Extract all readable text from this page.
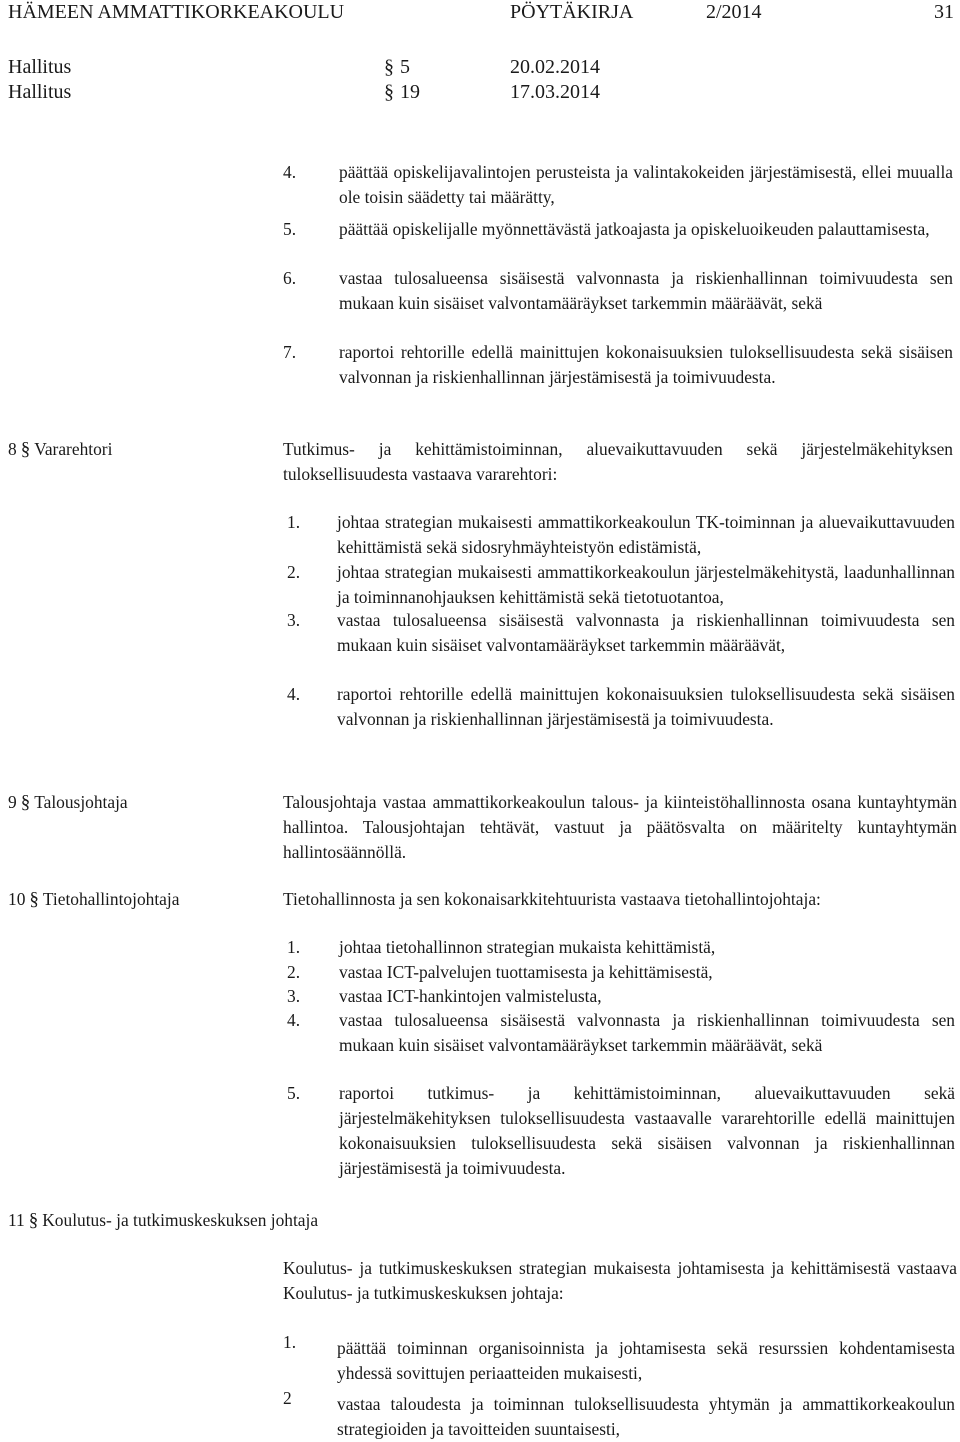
HÄMEEN AMMATTIKORKEAKOULU	PÖYTÄKIRJA	2/2014	31
Hallitus	§ 5	20.02.2014
Hallitus	§ 19	17.03.2014
4. päättää opiskelijavalintojen perusteista ja valintakokeiden järjestämisestä, ellei muualla ole toisin säädetty tai määrätty,
5. päättää opiskelijalle myönnettävästä jatkoajasta ja opiskeluoikeuden palauttamisesta,
6. vastaa tulosalueensa sisäisestä valvonnasta ja riskienhallinnan toimivuudesta sen mukaan kuin sisäiset valvontamääräykset tarkemmin määräävät, sekä
7. raportoi rehtorille edellä mainittujen kokonaisuuksien tuloksellisuudesta sekä sisäisen valvonnan ja riskienhallinnan järjestämisestä ja toimivuudesta.
8 § Vararehtori	Tutkimus- ja kehittämistoiminnan, aluevaikuttavuuden sekä järjestelmäkehityksen tuloksellisuudesta vastaava vararehtori:
1. johtaa strategian mukaisesti ammattikorkeakoulun TK-toiminnan ja aluevaikuttavuuden kehittämistä sekä sidosryhmäyhteistyön edistämistä,
2. johtaa strategian mukaisesti ammattikorkeakoulun järjestelmäkehitystä, laadunhallinnan ja toiminnanohjauksen kehittämistä sekä tietotuotantoa,
3. vastaa tulosalueensa sisäisestä valvonnasta ja riskienhallinnan toimivuudesta sen mukaan kuin sisäiset valvontamääräykset tarkemmin määräävät,
4. raportoi rehtorille edellä mainittujen kokonaisuuksien tuloksellisuudesta sekä sisäisen valvonnan ja riskienhallinnan järjestämisestä ja toimivuudesta.
9 § Talousjohtaja	Talousjohtaja vastaa ammattikorkeakoulun talous- ja kiinteistöhallinnosta osana kuntayhtymän hallintoa. Talousjohtajan tehtävät, vastuut ja päätösvalta on määritelty kuntayhtymän hallintosäännöllä.
10 § Tietohallintojohtaja	Tietohallinnosta ja sen kokonaisarkkitehtuurista vastaava tietohallintojohtaja:
1. johtaa tietohallinnon strategian mukaista kehittämistä,
2. vastaa ICT-palvelujen tuottamisesta ja kehittämisestä,
3. vastaa ICT-hankintojen valmistelusta,
4. vastaa tulosalueensa sisäisestä valvonnasta ja riskienhallinnan toimivuudesta sen mukaan kuin sisäiset valvontamääräykset tarkemmin määräävät, sekä
5. raportoi tutkimus- ja kehittämistoiminnan, aluevaikuttavuuden sekä järjestelmäkehityksen tuloksellisuudesta vastaavalle vararehtorille edellä mainittujen kokonaisuuksien tuloksellisuudesta sekä sisäisen valvonnan ja riskienhallinnan järjestämisestä ja toimivuudesta.
11 § Koulutus- ja tutkimuskeskuksen johtaja
Koulutus- ja tutkimuskeskuksen strategian mukaisesta johtamisesta ja kehittämisestä vastaava Koulutus- ja tutkimuskeskuksen johtaja:
1. päättää toiminnan organisoinnista ja johtamisesta sekä resurssien kohdentamisesta yhdessä sovittujen periaatteiden mukaisesti,
2	vastaa taloudesta ja toiminnan tuloksellisuudesta yhtymän ja ammattikorkeakoulun strategioiden ja tavoitteiden suuntaisesti,
